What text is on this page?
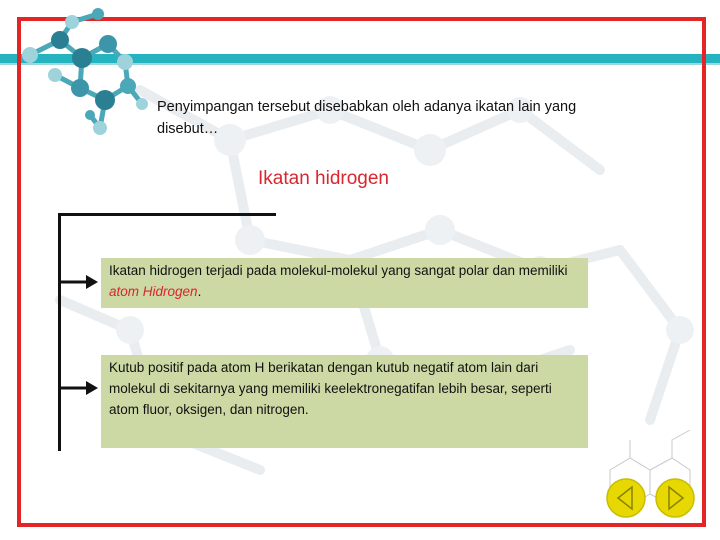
Penyimpangan tersebut disebabkan oleh adanya ikatan lain yang disebut…
Ikatan hidrogen
Ikatan hidrogen terjadi pada molekul-molekul yang sangat polar dan memiliki atom Hidrogen.
Kutub positif pada atom H berikatan dengan kutub negatif atom lain dari molekul di sekitarnya yang memiliki keelektronegatifan lebih besar, seperti atom fluor, oksigen, dan nitrogen.
